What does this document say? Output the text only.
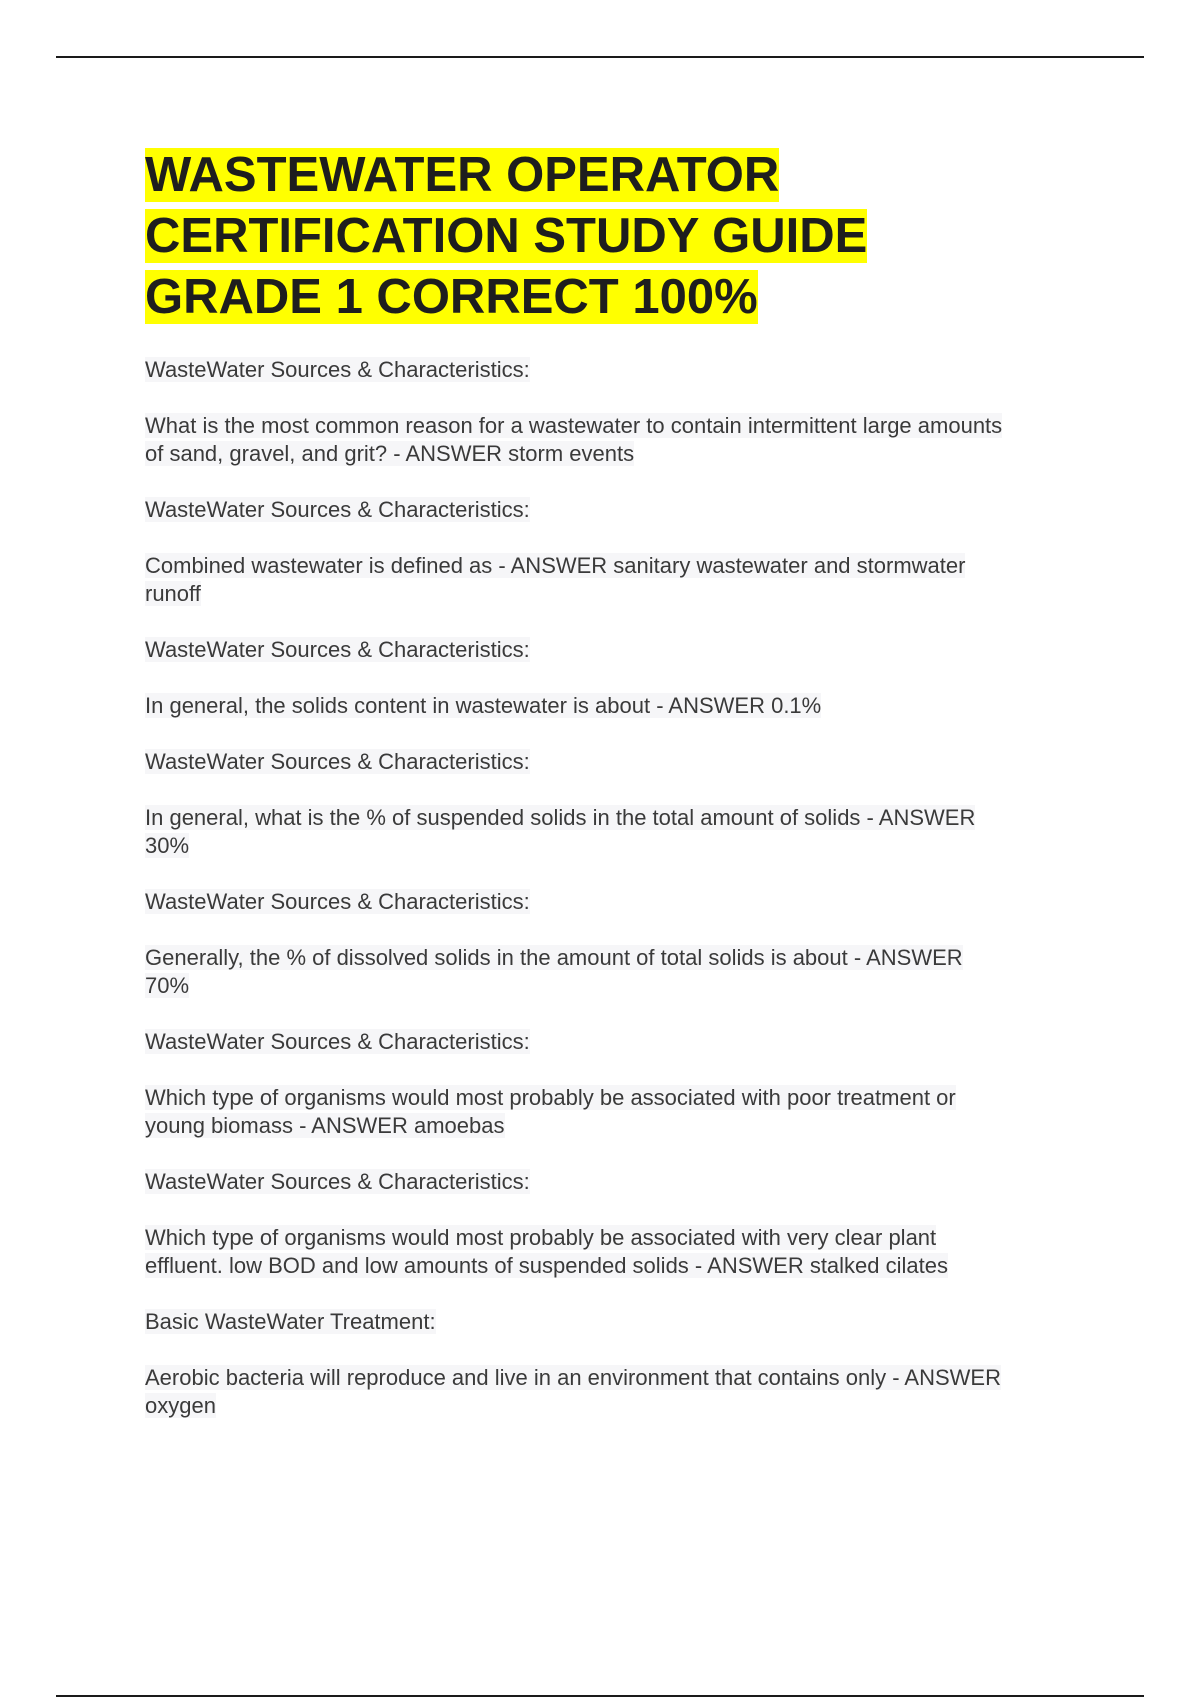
WASTEWATER OPERATOR
CERTIFICATION STUDY GUIDE
GRADE 1 CORRECT 100%

WasteWater Sources & Characteristics:

What is the most common reason for a wastewater to contain intermittent large amounts
of sand, gravel, and grit? - ANSWER storm events

WasteWater Sources & Characteristics:

Combined wastewater is defined as - ANSWER sanitary wastewater and stormwater
runoff

WasteWater Sources & Characteristics:

In general, the solids content in wastewater is about - ANSWER 0.1%

WasteWater Sources & Characteristics:

In general, what is the % of suspended solids in the total amount of solids - ANSWER
30%

WasteWater Sources & Characteristics:

Generally, the % of dissolved solids in the amount of total solids is about - ANSWER
70%

WasteWater Sources & Characteristics:

Which type of organisms would most probably be associated with poor treatment or
young biomass - ANSWER amoebas

WasteWater Sources & Characteristics:

Which type of organisms would most probably be associated with very clear plant
effluent. low BOD and low amounts of suspended solids - ANSWER stalked cilates

Basic WasteWater Treatment:

Aerobic bacteria will reproduce and live in an environment that contains only - ANSWER
oxygen
